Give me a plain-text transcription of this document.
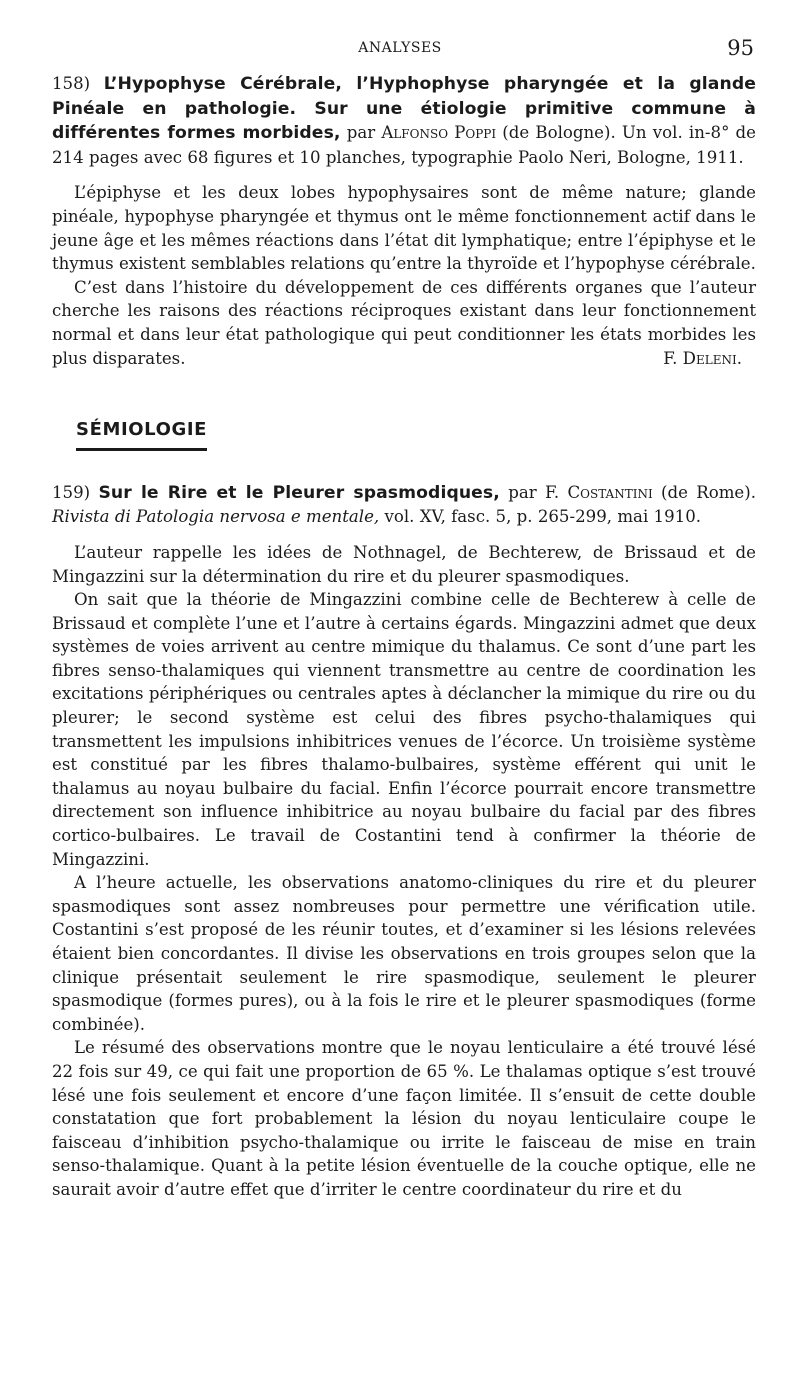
ANALYSES	95

158) L’Hypophyse Cérébrale, l’Hyphophyse pharyngée et la glande Pinéale en pathologie. Sur une étiologie primitive commune à différentes formes morbides, par Alfonso Poppi (de Bologne). Un vol. in-8° de 214 pages avec 68 figures et 10 planches, typographie Paolo Neri, Bologne, 1911.

L’épiphyse et les deux lobes hypophysaires sont de même nature; glande pinéale, hypophyse pharyngée et thymus ont le même fonctionnement actif dans le jeune âge et les mêmes réactions dans l’état dit lymphatique; entre l’épiphyse et le thymus existent semblables relations qu’entre la thyroïde et l’hypophyse cérébrale.

C’est dans l’histoire du développement de ces différents organes que l’auteur cherche les raisons des réactions réciproques existant dans leur fonctionnement normal et dans leur état pathologique qui peut conditionner les états morbides les plus disparates.	F. Deleni.

SÉMIOLOGIE

159) Sur le Rire et le Pleurer spasmodiques, par F. Costantini (de Rome). Rivista di Patologia nervosa e mentale, vol. XV, fasc. 5, p. 265-299, mai 1910.

L’auteur rappelle les idées de Nothnagel, de Bechterew, de Brissaud et de Mingazzini sur la détermination du rire et du pleurer spasmodiques.

On sait que la théorie de Mingazzini combine celle de Bechterew à celle de Brissaud et complète l’une et l’autre à certains égards. Mingazzini admet que deux systèmes de voies arrivent au centre mimique du thalamus. Ce sont d’une part les fibres senso-thalamiques qui viennent transmettre au centre de coordination les excitations périphériques ou centrales aptes à déclancher la mimique du rire ou du pleurer; le second système est celui des fibres psycho-thalamiques qui transmettent les impulsions inhibitrices venues de l’écorce. Un troisième système est constitué par les fibres thalamo-bulbaires, système efférent qui unit le thalamus au noyau bulbaire du facial. Enfin l’écorce pourrait encore transmettre directement son influence inhibitrice au noyau bulbaire du facial par des fibres cortico-bulbaires. Le travail de Costantini tend à confirmer la théorie de Mingazzini.

A l’heure actuelle, les observations anatomo-cliniques du rire et du pleurer spasmodiques sont assez nombreuses pour permettre une vérification utile. Costantini s’est proposé de les réunir toutes, et d’examiner si les lésions relevées étaient bien concordantes. Il divise les observations en trois groupes selon que la clinique présentait seulement le rire spasmodique, seulement le pleurer spasmodique (formes pures), ou à la fois le rire et le pleurer spasmodiques (forme combinée).

Le résumé des observations montre que le noyau lenticulaire a été trouvé lésé 22 fois sur 49, ce qui fait une proportion de 65 %. Le thalamas optique s’est trouvé lésé une fois seulement et encore d’une façon limitée. Il s’ensuit de cette double constatation que fort probablement la lésion du noyau lenticulaire coupe le faisceau d’inhibition psycho-thalamique ou irrite le faisceau de mise en train senso-thalamique. Quant à la petite lésion éventuelle de la couche optique, elle ne saurait avoir d’autre effet que d’irriter le centre coordinateur du rire et du
